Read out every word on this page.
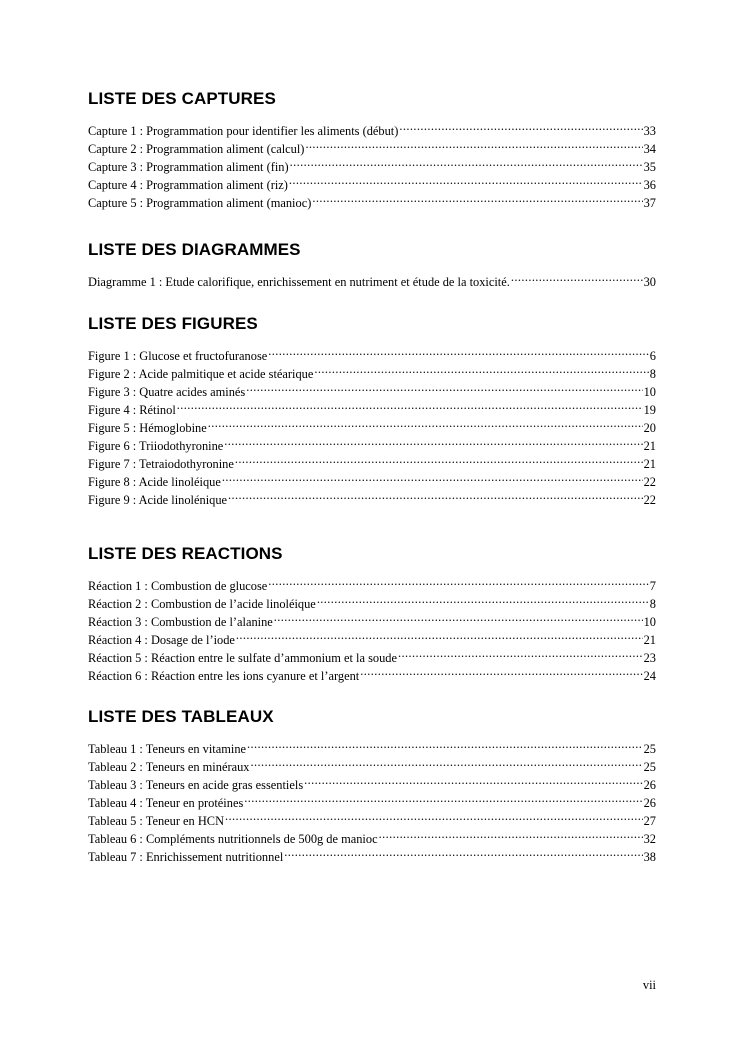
LISTE DES CAPTURES
Capture 1 : Programmation pour identifier les aliments (début) .....	33
Capture 2 : Programmation aliment (calcul) .....	34
Capture 3 : Programmation aliment (fin) .....	35
Capture 4 : Programmation aliment (riz) .....	36
Capture 5 : Programmation aliment (manioc) .....	37
LISTE DES DIAGRAMMES
Diagramme 1 : Etude calorifique, enrichissement en nutriment et étude de la toxicité. .....	30
LISTE DES FIGURES
Figure 1 : Glucose et fructofuranose .....	6
Figure 2 : Acide palmitique et acide stéarique .....	8
Figure 3 : Quatre acides aminés .....	10
Figure 4 : Rétinol .....	19
Figure 5 : Hémoglobine .....	20
Figure 6 : Triiodothyronine .....	21
Figure 7 : Tetraiodothyronine .....	21
Figure 8 : Acide linoléique .....	22
Figure 9 : Acide linolénique .....	22
LISTE DES REACTIONS
Réaction 1 : Combustion de glucose .....	7
Réaction 2 : Combustion de l’acide linoléique .....	8
Réaction 3 : Combustion de l’alanine .....	10
Réaction 4 : Dosage de l’iode .....	21
Réaction 5 : Réaction entre le sulfate d’ammonium et la soude .....	23
Réaction 6 : Réaction entre les ions cyanure et l’argent .....	24
LISTE DES TABLEAUX
Tableau 1 : Teneurs en vitamine .....	25
Tableau 2 : Teneurs en minéraux .....	25
Tableau 3 : Teneurs en acide gras essentiels .....	26
Tableau 4 : Teneur en protéines .....	26
Tableau 5 : Teneur en HCN .....	27
Tableau 6 : Compléments nutritionnels de 500g de manioc .....	32
Tableau 7 : Enrichissement nutritionnel .....	38
vii
